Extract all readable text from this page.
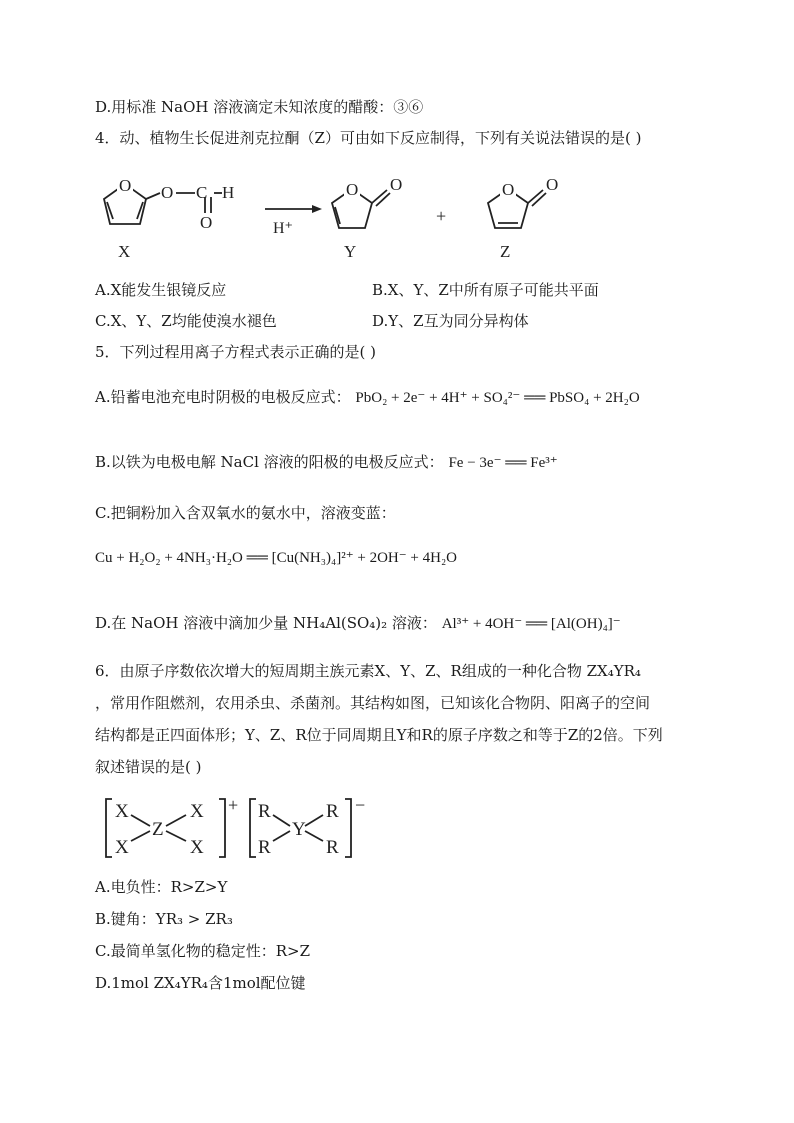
D.用标准 NaOH 溶液滴定未知浓度的醋酸：③⑥
4．动、植物生长促进剂克拉酮（Z）可由如下反应制得，下列有关说法错误的是( )
O O C H
O
X
H⁺
O O
Y
+
O O
Z
A.X能发生银镜反应	B.X、Y、Z中所有原子可能共平面
C.X、Y、Z均能使溴水褪色	D.Y、Z互为同分异构体
5．下列过程用离子方程式表示正确的是( )
A.铅蓄电池充电时阴极的电极反应式： PbO₂ + 2e⁻ + 4H⁺ + SO₄²⁻ ══ PbSO₄ + 2H₂O
B.以铁为电极电解 NaCl 溶液的阳极的电极反应式： Fe − 3e⁻ ══ Fe³⁺
C.把铜粉加入含双氧水的氨水中，溶液变蓝：
Cu + H₂O₂ + 4NH₃·H₂O ══ [Cu(NH₃)₄]²⁺ + 2OH⁻ + 4H₂O
D.在 NaOH 溶液中滴加少量 NH₄Al(SO₄)₂ 溶液： Al³⁺ + 4OH⁻ ══ [Al(OH)₄]⁻
6．由原子序数依次增大的短周期主族元素X、Y、Z、R组成的一种化合物 ZX₄YR₄
，常用作阻燃剂，农用杀虫、杀菌剂。其结构如图，已知该化合物阴、阳离子的空间
结构都是正四面体形；Y、Z、R位于同周期且Y和R的原子序数之和等于Z的2倍。下列
叙述错误的是( )
X
X
Z
X
X
+ R
R
Y
R
R
−
A.电负性：R>Z>Y
B.键角：YR₃ > ZR₃
C.最简单氢化物的稳定性：R>Z
D.1mol ZX₄YR₄含1mol配位键
